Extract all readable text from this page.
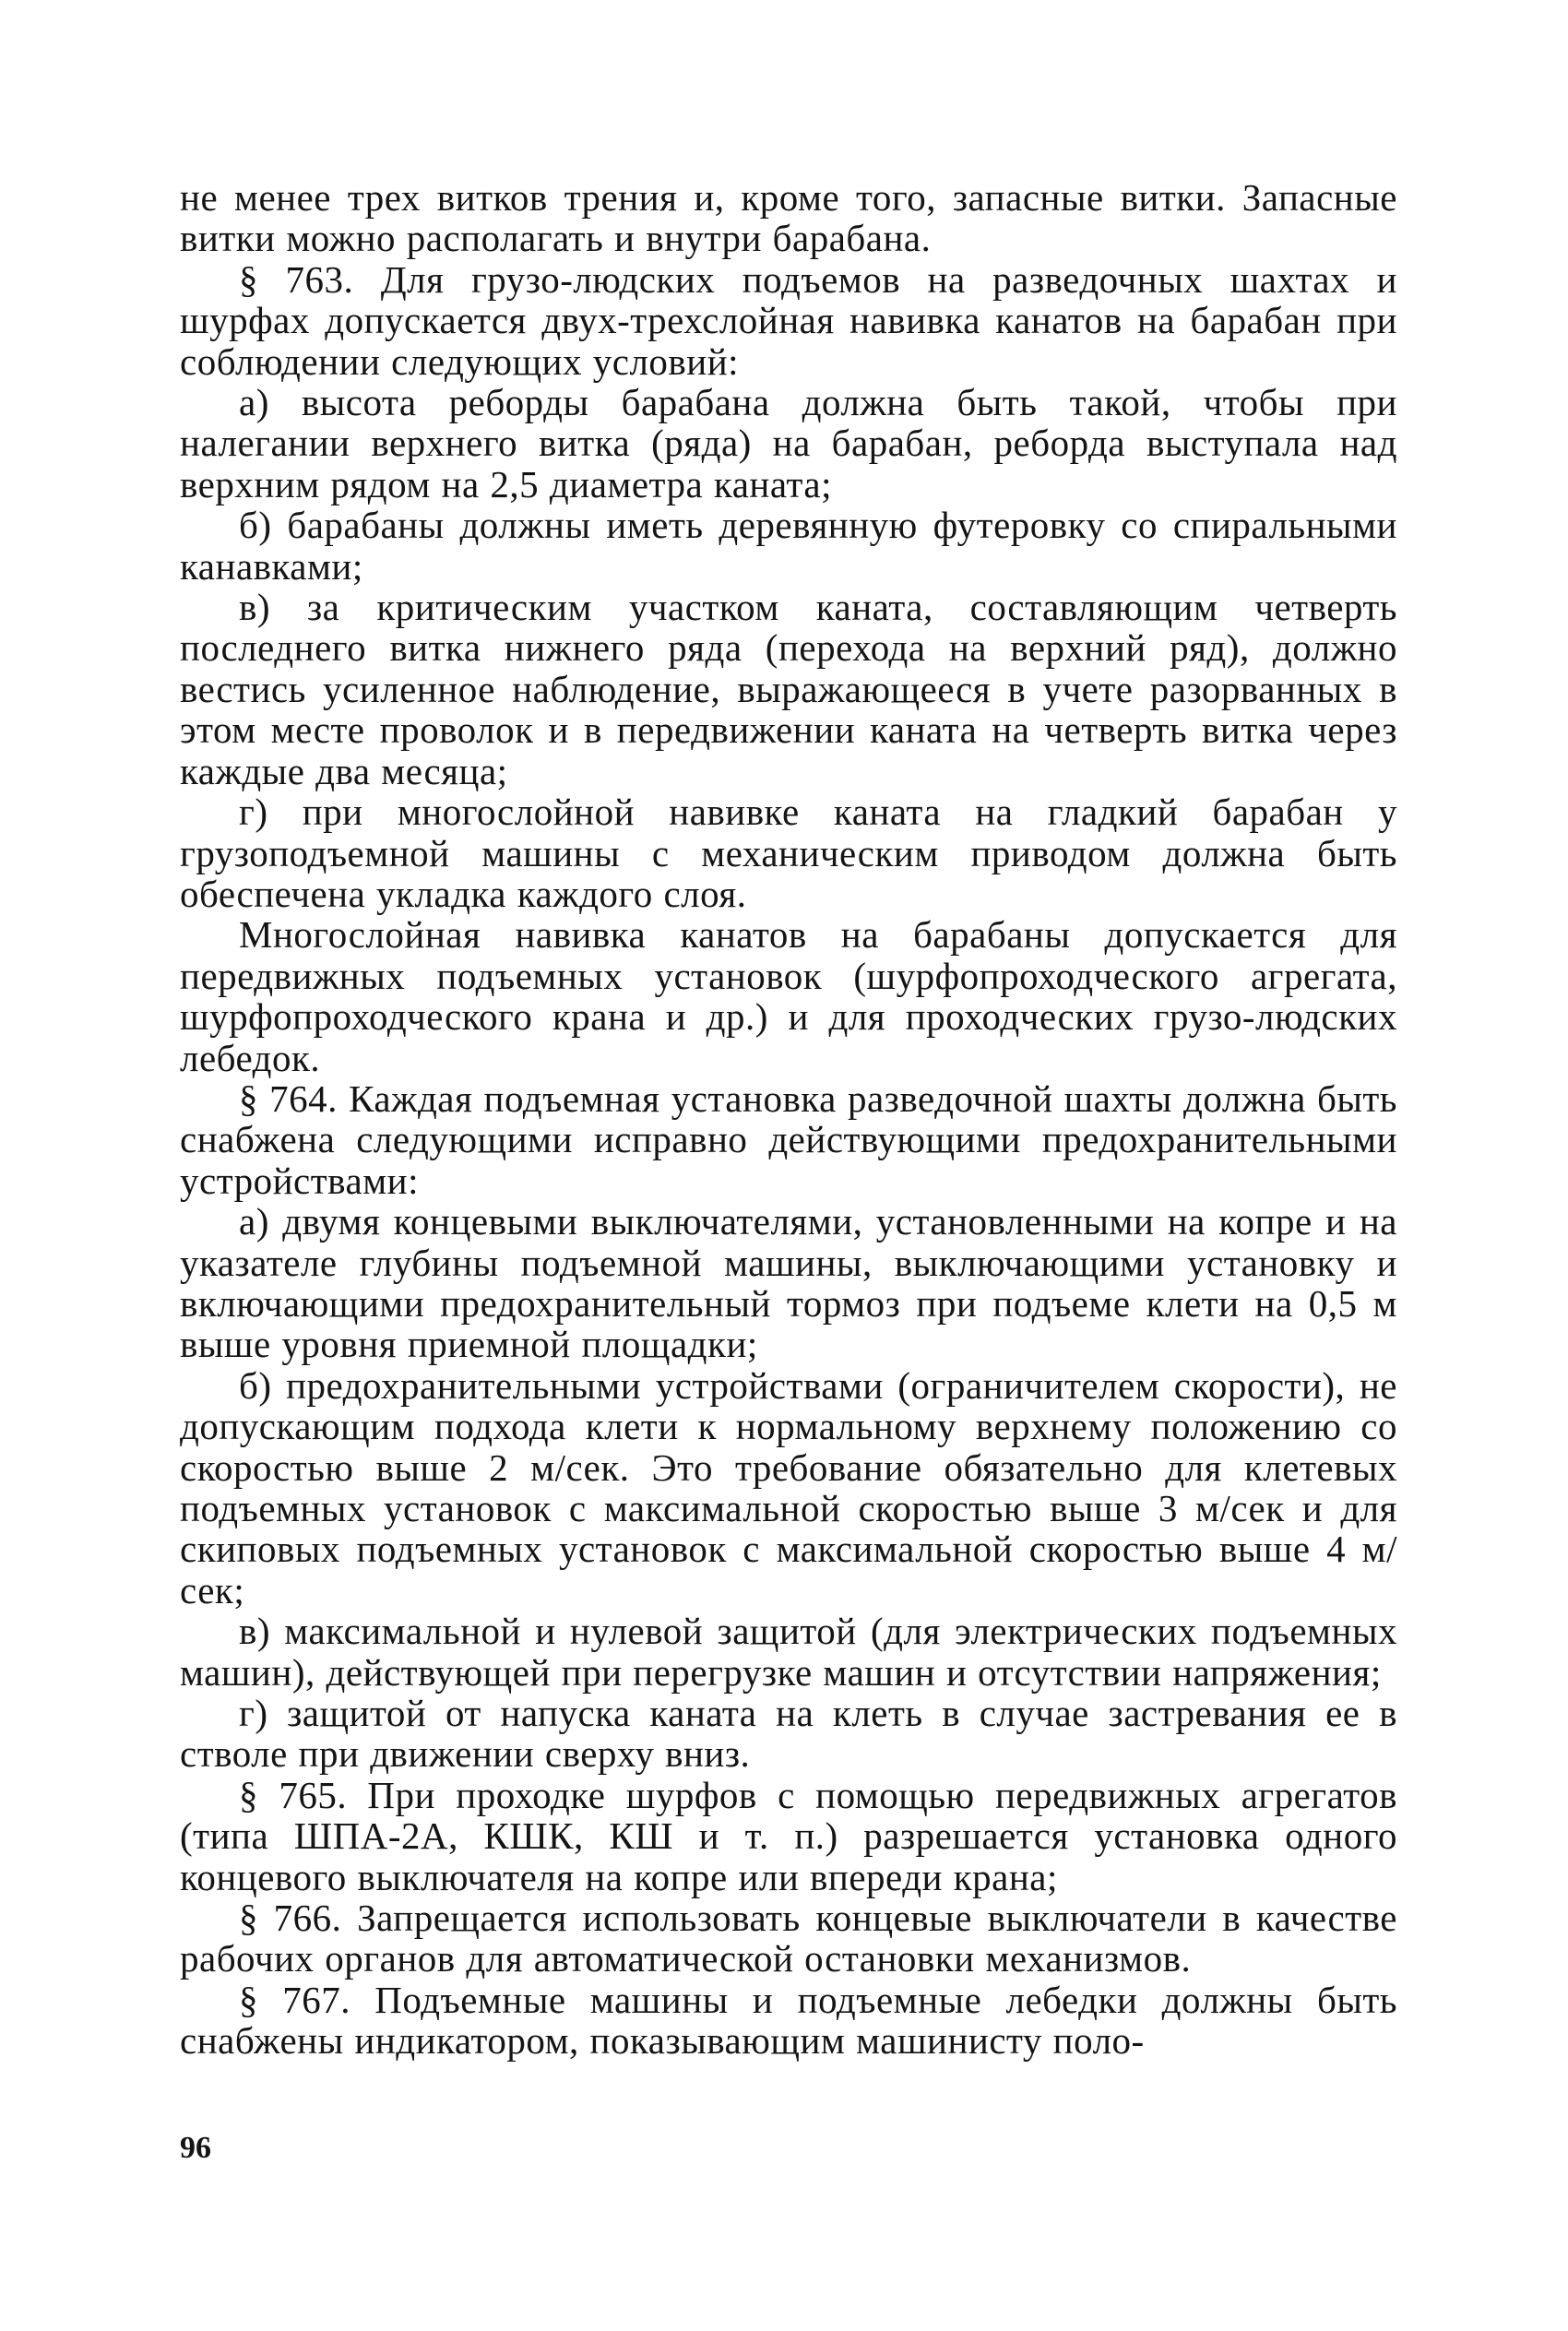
не менее трех витков трения и, кроме того, запасные витки. Запасные витки можно располагать и внутри барабана.

§ 763. Для грузо-людских подъемов на разведочных шахтах и шурфах допускается двух-трехслойная навивка канатов на барабан при соблюдении следующих условий:

а) высота реборды барабана должна быть такой, чтобы при налегании верхнего витка (ряда) на барабан, реборда выступала над верхним рядом на 2,5 диаметра каната;

б) барабаны должны иметь деревянную футеровку со спиральными канавками;

в) за критическим участком каната, составляющим четверть последнего витка нижнего ряда (перехода на верхний ряд), должно вестись усиленное наблюдение, выражающееся в учете разорванных в этом месте проволок и в передвижении каната на четверть витка через каждые два месяца;

г) при многослойной навивке каната на гладкий барабан у грузоподъемной машины с механическим приводом должна быть обеспечена укладка каждого слоя.

Многослойная навивка канатов на барабаны допускается для передвижных подъемных установок (шурфопроходческого агрегата, шурфопроходческого крана и др.) и для проходческих грузо-людских лебедок.

§ 764. Каждая подъемная установка разведочной шахты должна быть снабжена следующими исправно действующими предохранительными устройствами:

а) двумя концевыми выключателями, установленными на копре и на указателе глубины подъемной машины, выключающими установку и включающими предохранительный тормоз при подъеме клети на 0,5 м выше уровня приемной площадки;

б) предохранительными устройствами (ограничителем скорости), не допускающим подхода клети к нормальному верхнему положению со скоростью выше 2 м/сек. Это требование обязательно для клетевых подъемных установок с максимальной скоростью выше 3 м/сек и для скиповых подъемных установок с максимальной скоростью выше 4 м/сек;

в) максимальной и нулевой защитой (для электрических подъемных машин), действующей при перегрузке машин и отсутствии напряжения;

г) защитой от напуска каната на клеть в случае застревания ее в стволе при движении сверху вниз.

§ 765. При проходке шурфов с помощью передвижных агрегатов (типа ШПА-2А, КШК, КШ и т. п.) разрешается установка одного концевого выключателя на копре или впереди крана;

§ 766. Запрещается использовать концевые выключатели в качестве рабочих органов для автоматической остановки механизмов.

§ 767. Подъемные машины и подъемные лебедки должны быть снабжены индикатором, показывающим машинисту поло-

96
